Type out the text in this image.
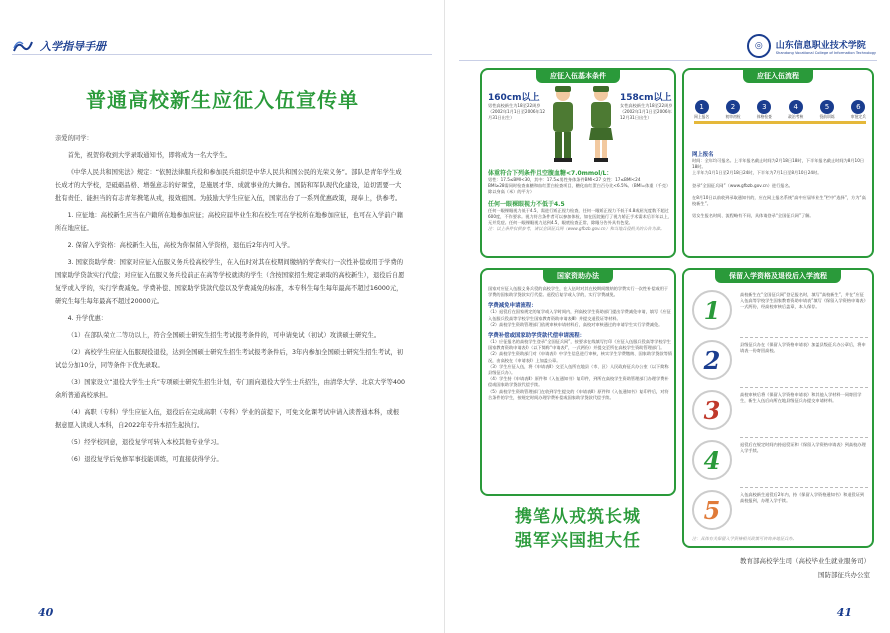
入学指导手册
普通高校新生应征入伍宣传单

亲爱的同学：

首先，祝贺你收到大学录取通知书，即将成为一名大学生。

《中华人民共和国宪法》规定：“依照法律服兵役和参加民兵组织是中华人民共和国公民的光荣义务”。部队是青年学生成长成才的大学校，是砥砺品格、增强意志的好课堂，是施展才华、成就事业的大舞台。国防和军队现代化建设，迫切需要一大批有责任、能担当的有志青年携笔从戎，报效祖国。为鼓励大学生应征入伍，国家出台了一系列优惠政策，现奉上，供参考。

1. 应征地：高校新生应当在户籍所在地参加应征；高校应届毕业生和在校生可在学校所在地参加应征，也可在入学前户籍所在地应征。

2. 保留入学资格：高校新生入伍，高校为你保留入学资格，退伍后2年内可入学。

3. 国家资助学费：国家对应征入伍服义务兵役高校学生，在入伍时对其在校期间缴纳的学费实行一次性补偿或用于学费的国家助学贷款实行代偿；对应征入伍服义务兵役前正在高等学校就读的学生（含按国家招生规定录取的高校新生），退役后自愿复学或入学的，实行学费减免。学费补偿、国家助学贷款代偿以及学费减免的标准，本专科生每生每年最高不超过16000元，研究生每生每年最高不超过20000元。

4. 升学优惠：

（1）在部队荣立二等功以上，符合全国硕士研究生招生考试报考条件的，可申请免试（初试）攻读硕士研究生。

（2）高校学生应征入伍服现役退役，达到全国硕士研究生招生考试报考条件后，3年内参加全国硕士研究生招生考试，初试总分加10分，同等条件下优先录取。

（3）国家设立“退役大学生士兵”专项硕士研究生招生计划，专门面向退役大学生士兵招生，由清华大学、北京大学等400余所普通高校承担。

（4）高职（专科）学生应征入伍，退役后在完成高职（专科）学业的前提下，可免文化课考试申请入读普通本科，或根据意愿入读成人本科，自2022年专升本招生起执行。

（5）经学校同意，退役复学可转入本校其他专业学习。

（6）退役复学后免修军事技能训练，可直接获得学分。

40
◎	山东信息职业技术学院
Shandong Vocational College of Information Technology
应征入伍基本条件
160cm以上
男性高校新生为18至22周岁（2002年1月1日至2006年12月31日出生）
158cm以上
女性高校新生为18至22周岁（2002年1月1日至2006年12月31日出生）
体重符合下列条件且空腹血糖<7.0mmol/L：
男性：17.5≤BMI<30，其中：17.5≤男性身体条件BMI<27 女性：17≤BMI<24
BMI≥28需同时检查血糖和血红蛋白检查项目，糖化血红蛋白百分比<6.5%。（BMI=体重（千克）除以身高（米）的平方）
任何一眼裸眼视力不低于4.5
任何一眼裸眼视力低于4.5，需进行矫正视力检查，任何一眼矫正视力不低于4.8或屈光度数不超过600度，不作要求。视力符合条件者可以参加体检，如在医院施行了视力矫正手术需术后半年以上、无并发症。任何一眼裸眼视力达到4.5，眼底检查正常，除眼分告外具有色觉。
注：以上条件仅供参考，请以全国征兵网（www.gfbzb.gov.cn）和当地兵役机关的公告为准。
应征入伍流程
1
网上报名
2
初审初检
3
体格检查
4
政治考核
5
役前训练
6
审批定兵
网上报名
时间：全年均可报名。上半年报名截止时间为2月18日18时，下半年报名截止时间为8月10日18时。
上半年为1月1日至2月18日24时，下半年为7月1日至8月10日24时。
登录“全国征兵网”（www.gfbzb.gov.cn）进行报名。
在8月10日以前收到录取通知书的，应在网上报名系统“高中应届毕业生”栏中“选择”，方为“高校新生”。
男女生报名时间、流程略有不同，具体请登录“全国征兵网”了解。
国家资助办法
国家对应征入伍服义务兵役的高校学生，在入伍时对其在校期间缴纳的学费实行一次性补偿或用于学费的国家助学贷款实行代偿。退役后复学或入学的，实行学费减免。
学费减免申请流程：
（1）退役后在国家规定的复学或入学时间内，到高校学生资助部门提出学费减免申请，填写《应征入伍服兵役高等学校学生国家教育资助申请表Ⅲ》并提交退役证等材料。
（2）高校学生资助管理部门依规审核申请材料后，高校对审核通过的申请学生实行学费减免。
学费补偿或国家助学贷款代偿申请流程：
（1）应征报名的高校学生登录“全国征兵网”，按要求在线填写打印《应征入伍服兵役高等学校学生国家教育资助申请表Ⅰ》（以下简称“申请表Ⅰ”，一式两份）并提交至所在高校学生资助管理部门。
（2）高校学生资助部门对《申请表Ⅰ》中学生信息进行审核，核实学生学费缴纳、国家助学贷款等情况，由高校在《申请表Ⅰ》上加盖公章。
（3）学生应征入伍，将《申请表Ⅱ》交至入伍所在地县（市、区）人民政府征兵办公室（以下简称县级征兵办）。
（4）学生持《申请表Ⅱ》原件和《入伍通知书》复印件，到所在高校学生资助管理部门办理学费补偿或国家助学贷款代偿手续。
（5）高校学生资助管理部门在收到学生提交的《申请表Ⅱ》原件和《入伍通知书》复印件后，对符合条件的学生，按规定时间办理学费补偿或国家助学贷款代偿手续。
携笔从戎筑长城
强军兴国担大任
保留入学资格及退役后入学流程
1
高校新生在“全国征兵网”登记报名时，填写“高校新生”，并在“应征入伍高等学校学生国家教育资助申请表”填写《保留入学资格申请表》一式两份，经高校审核后盖章，本人保存。
2
县级征兵办在《保留入学资格申请表》加盖县级征兵办公章后，将申请表一份寄回高校。
3
高校审核后将《保留入学资格申请表》和其他入学材料一同寄回学生，新生入伍后向所在地县级征兵办提交申请材料。
4
退役后在规定时间内持退役证和《保留入学资格申请表》到高校办理入学手续。
5
入伍高校新生退役后2年内，持《保留入学资格通知书》和退役证到高校报到，办理入学手续。
注：具体有关保留入学资格相关政策可咨询各地征兵办。
教育部高校学生司（高校毕业生就业服务司）
国防部征兵办公室
41
